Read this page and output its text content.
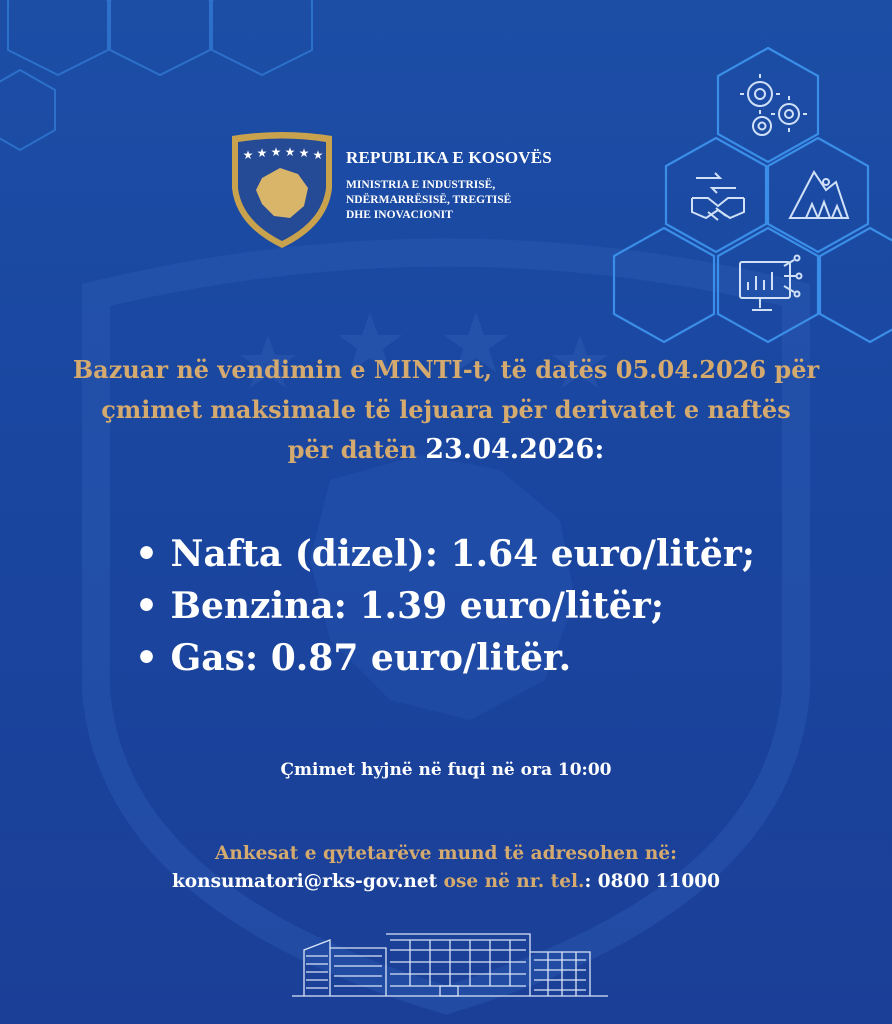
★ ★ ★ ★ ★ ★ REPUBLIKA E KOSOVËS
MINISTRIA E INDUSTRISË,
NDËRMARRËSISË, TREGTISË
DHE INOVACIONIT
Bazuar në vendimin e MINTI-t, të datës 05.04.2026 për
çmimet maksimale të lejuara për derivatet e naftës
për datën 23.04.2026:
• Nafta (dizel): 1.64 euro/litër;
• Benzina: 1.39 euro/litër;
• Gas: 0.87 euro/litër.
Çmimet hyjnë në fuqi në ora 10:00
Ankesat e qytetarëve mund të adresohen në:
konsumatori@rks-gov.net ose në nr. tel.: 0800 11000
